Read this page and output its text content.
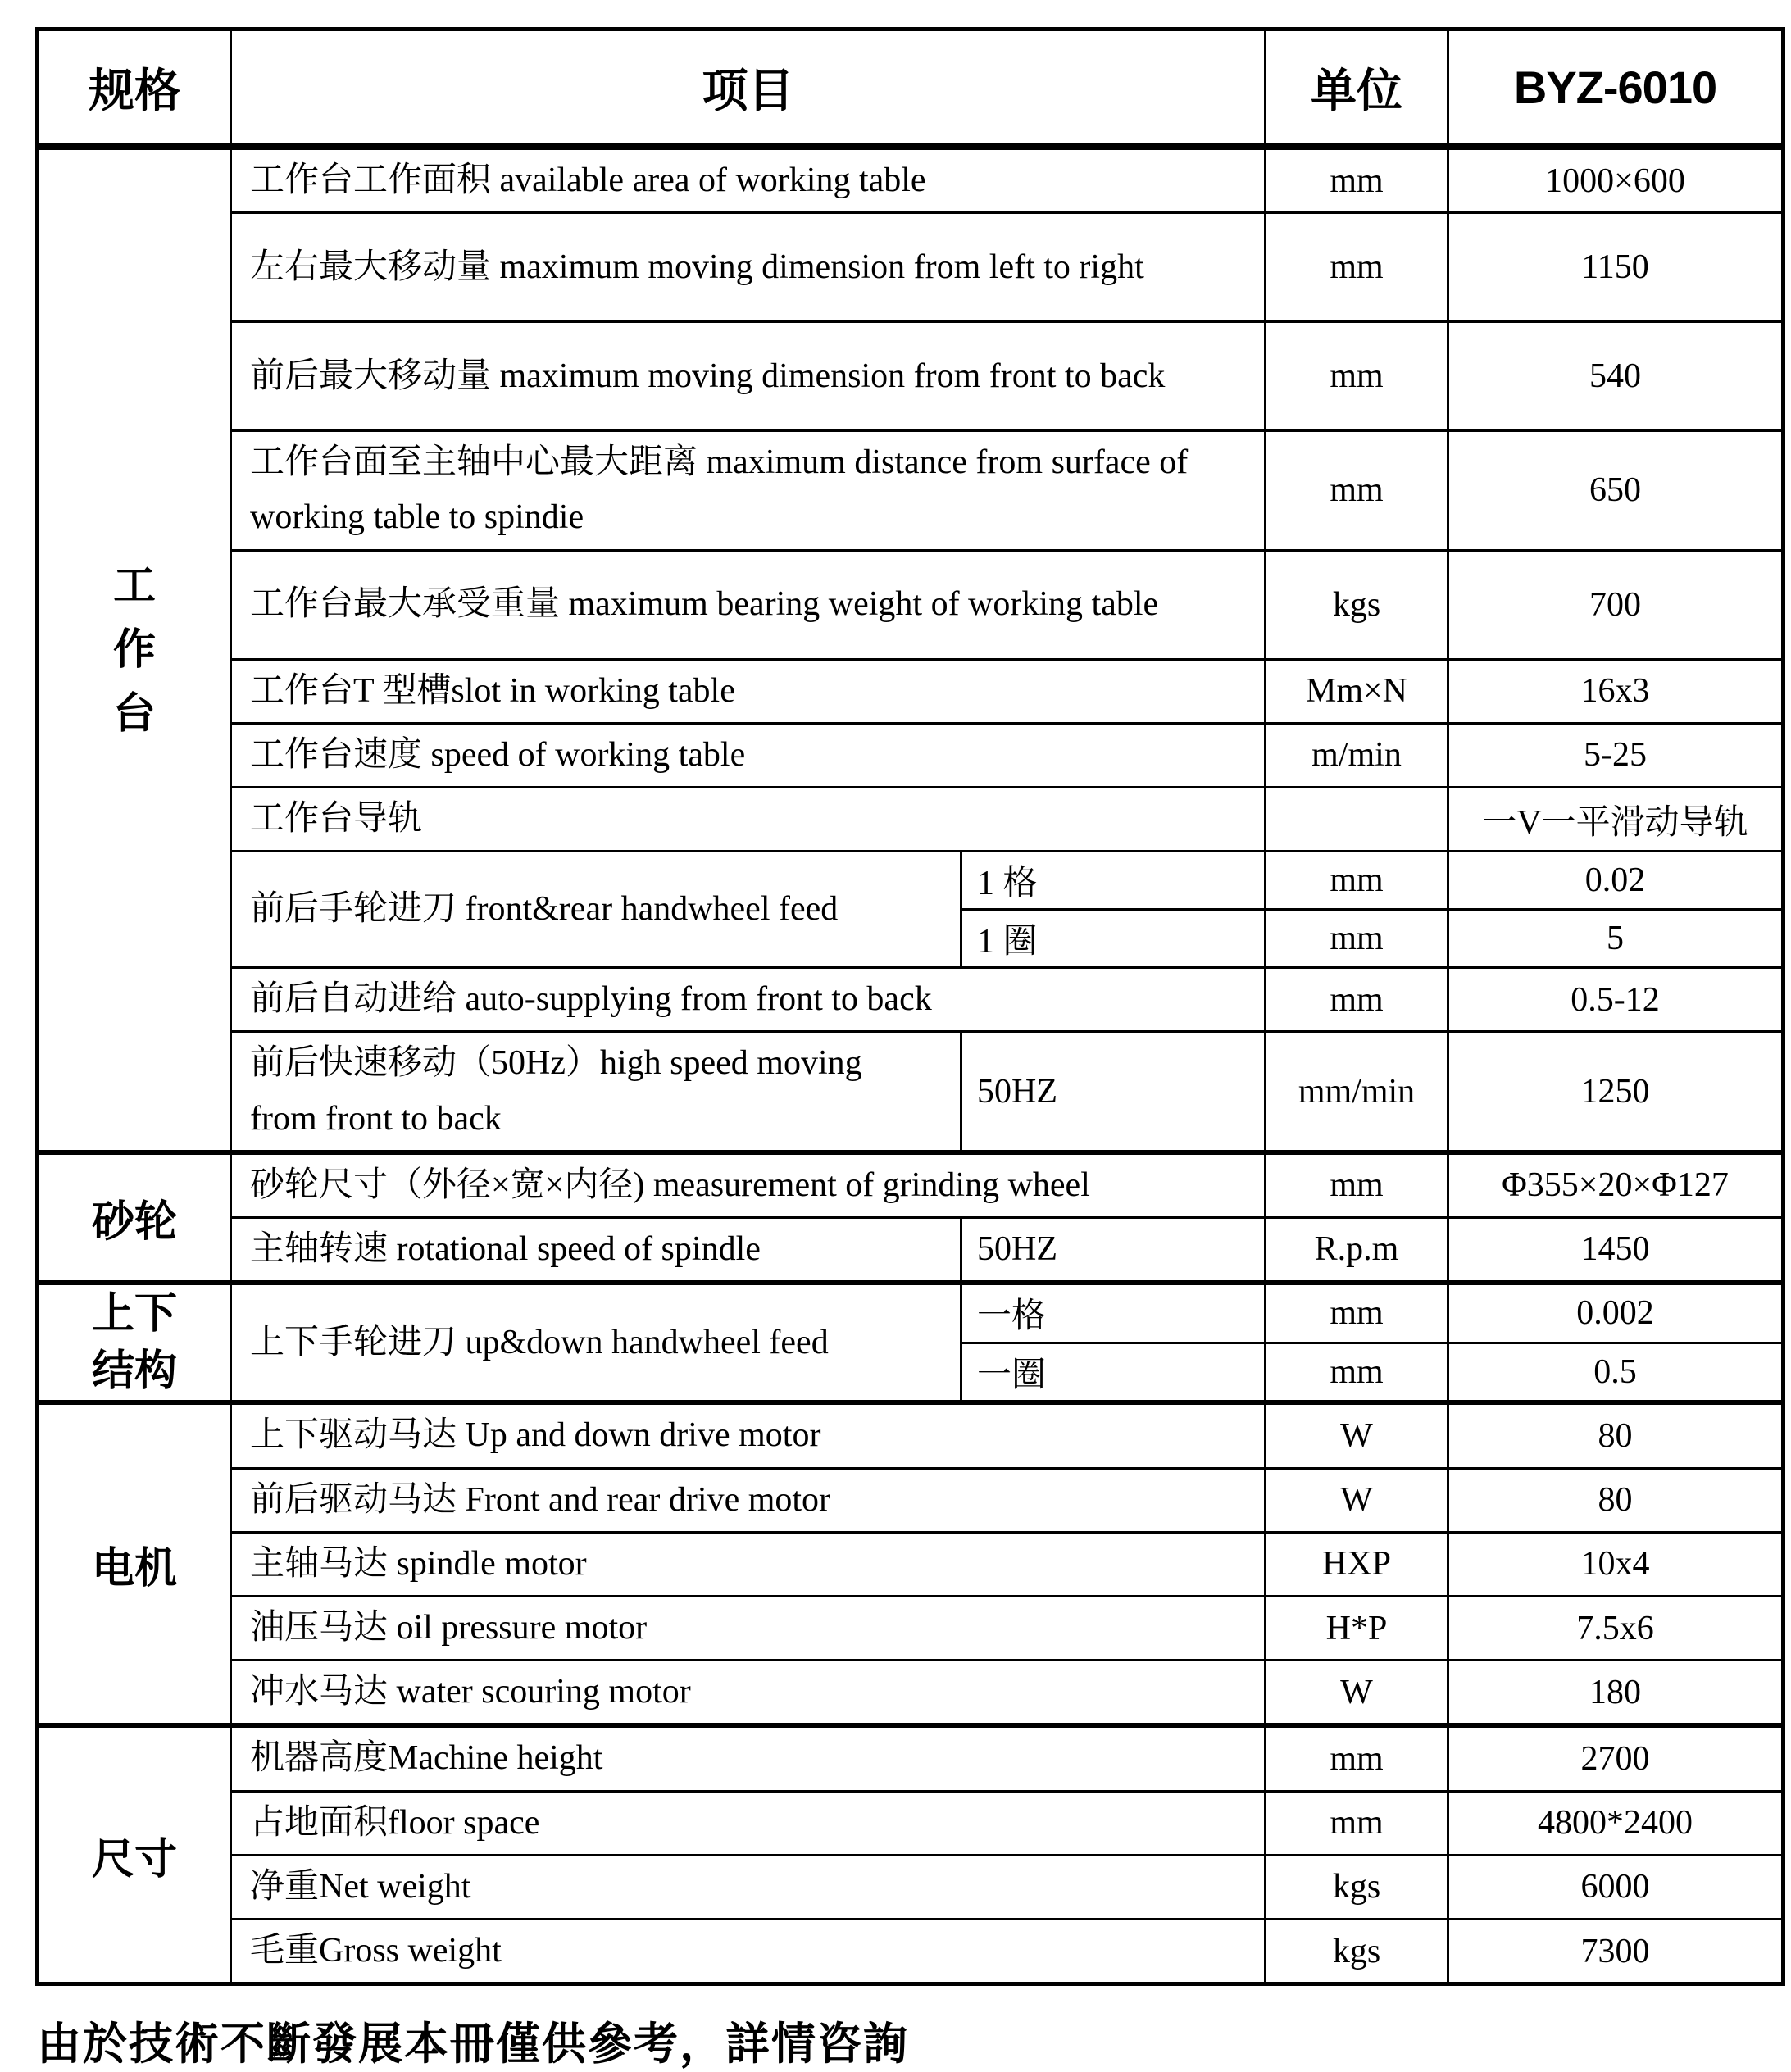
规格	项目		单位	BYZ-6010

工作台	工作台工作面积 available area of working table		mm	1000×600
	左右最大移动量 maximum moving dimension from left to right		mm	1150
	前后最大移动量 maximum moving dimension from front to back		mm	540
	工作台面至主轴中心最大距离 maximum distance from surface of working table to spindie		mm	650
	工作台最大承受重量 maximum bearing weight of working table		kgs	700
	工作台T 型槽slot in working table		Mm×N	16x3
	工作台速度 speed of working table		m/min	5-25
	工作台导轨			一V一平滑动导轨
	前后手轮进刀 front&rear handwheel feed	1 格	mm	0.02
		1 圈	mm	5
	前后自动进给 auto-supplying from front to back		mm	0.5-12
	前后快速移动（50Hz）high speed moving from front to back	50HZ	mm/min	1250
砂轮	砂轮尺寸（外径×宽×内径) measurement of grinding wheel		mm	Φ355×20×Φ127
	主轴转速 rotational speed of spindle	50HZ	R.p.m	1450

上下结构	上下手轮进刀 up&down handwheel feed	一格	mm	0.002
		一圈	mm	0.5
电机	上下驱动马达 Up and down drive motor		W	80
	前后驱动马达 Front and rear drive motor		W	80
	主轴马达 spindle motor		HXP	10x4
	油压马达 oil pressure motor		H*P	7.5x6
	冲水马达 water scouring motor		W	180
尺寸	机器高度Machine height		mm	2700
	占地面积floor space		mm	4800*2400
	净重Net weight		kgs	6000
	毛重Gross weight		kgs	7300
由於技術不斷發展本冊僅供參考，詳情咨詢
